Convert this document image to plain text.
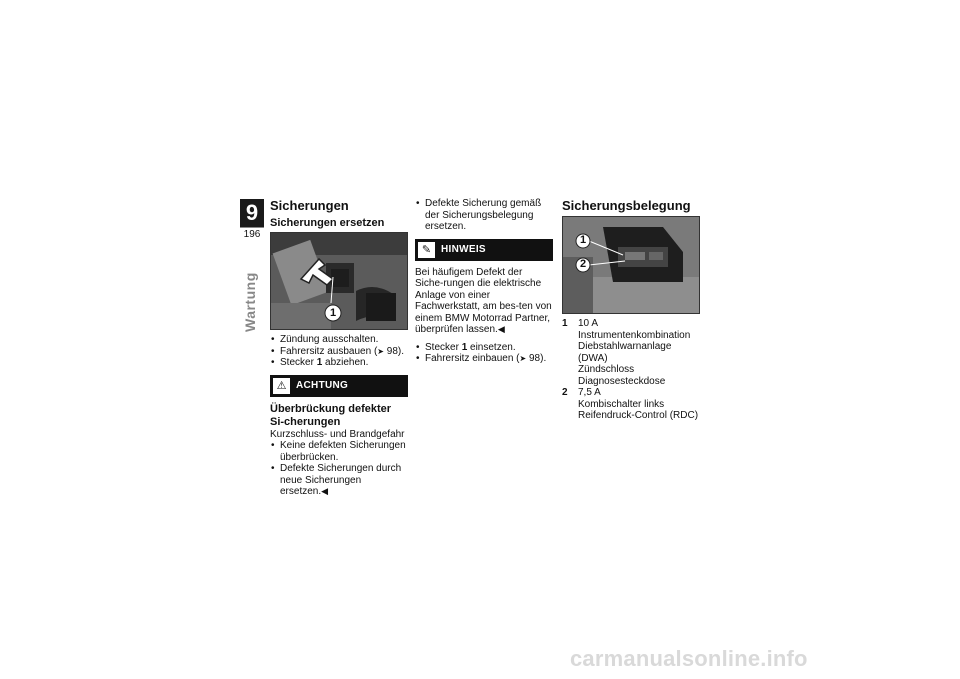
9
196
Wartung
Sicherungen
Sicherungen ersetzen
1
• Zündung ausschalten.
• Fahrersitz ausbauen (➤ 98).
• Stecker 1 abziehen.
⚠ ACHTUNG
Überbrückung defekter Si-cherungen
Kurzschluss- und Brandgefahr
• Keine defekten Sicherungen überbrücken.
• Defekte Sicherungen durch neue Sicherungen ersetzen.◀
• Defekte Sicherung gemäß der Sicherungsbelegung ersetzen.
✎ HINWEIS
Bei häufigem Defekt der Siche-rungen die elektrische Anlage von einer Fachwerkstatt, am bes-ten von einem BMW Motorrad Partner, überprüfen lassen.◀
• Stecker 1 einsetzen.
• Fahrersitz einbauen (➤ 98).
Sicherungsbelegung
1
2
1	10 A
Instrumentenkombination
Diebstahlwarnanlage
(DWA)
Zündschloss
Diagnosesteckdose
2	7,5 A
Kombischalter links
Reifendruck-Control (RDC)
carmanualsonline.info
